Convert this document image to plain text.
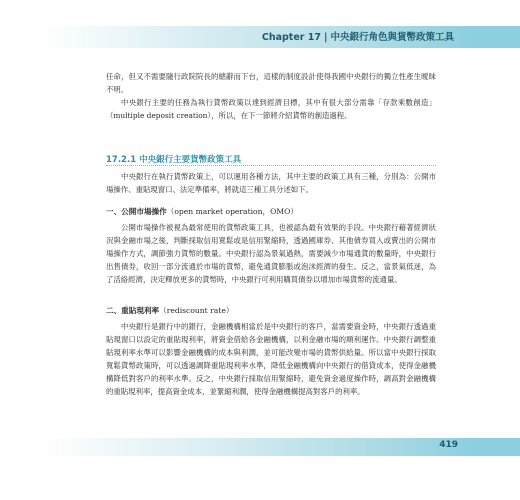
Chapter 17 | 中央銀行角色與貨幣政策工具

任命，但又不需要隨行政院院長的總辭而下台，這樣的制度設計使得我國中央銀行的獨立性產生曖昧不明。

中央銀行主要的任務為執行貨幣政策以達到經濟目標，其中有很大部分需靠「存款乘數創造」（multiple deposit creation），所以，在下一節將介紹貨幣的創造過程。

17.2.1 中央銀行主要貨幣政策工具

中央銀行在執行貨幣政策上，可以運用各種方法，其中主要的政策工具有三種，分別為：公開市場操作、重貼現窗口、法定準備率，將就這三種工具分述如下。

一、公開市場操作（open market operation，OMO）

公開市場操作被視為最常使用的貨幣政策工具，也被認為最有效果的手段。中央銀行藉著經濟狀況與金融市場之後，判斷採取信用寬鬆或是信用緊縮時，透過國庫券、其他債券買入或賣出的公開市場操作方式，調節強力貨幣的數量。中央銀行認為景氣過熱，需要減少市場通貨的數量時，中央銀行出售債券，收回一部分流通於市場的貨幣，避免通貨膨脹或泡沫經濟的發生。反之，當景氣低迷，為了活絡經濟，決定釋放更多的貨幣時，中央銀行可利用購買債券以增加市場貨幣的流通量。

二、重貼現利率（rediscount rate）

中央銀行是銀行中的銀行，金融機構相當於是中央銀行的客戶，當需要資金時，中央銀行透過重貼現窗口以設定的重貼現利率，將資金借給各金融機構，以利金融市場的順利運作。中央銀行調整重貼現利率水準可以影響金融機構的成本與利潤，並可能改變市場的貨幣供給量。所以當中央銀行採取寬鬆貨幣政策時，可以透過調降重貼現利率水準，降低金融機構向中央銀行的借貸成本，使得金融機構降低對客戶的利率水準。反之，中央銀行採取信用緊縮時，避免資金過度操作時，調高對金融機構的重貼現利率，提高資金成本，並緊縮利潤，使得金融機構提高對客戶的利率。

419
